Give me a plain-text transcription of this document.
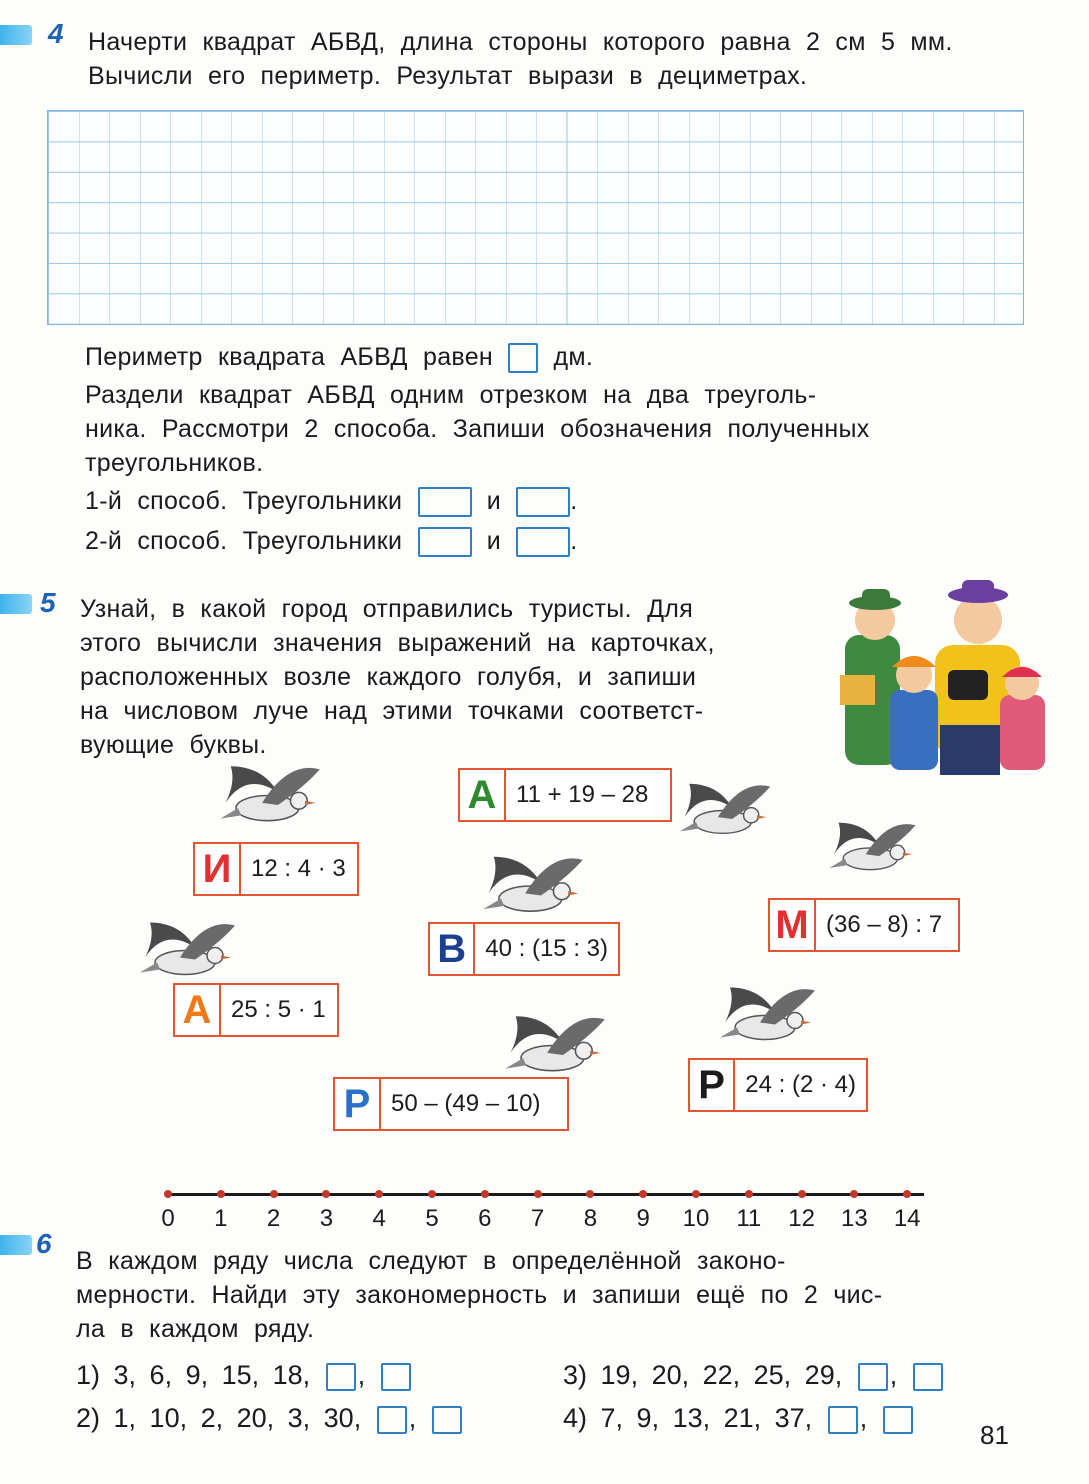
4 Начерти квадрат АБВД, длина стороны которого равна 2 см 5 мм.
Вычисли его периметр. Результат вырази в дециметрах.
Периметр квадрата АБВД равен дм.
Раздели квадрат АБВД одним отрезком на два треуголь-
ника. Рассмотри 2 способа. Запиши обозначения полученных
треугольников.
1-й способ. Треугольники	и	.
2-й способ. Треугольники	и	.
5 Узнай, в какой город отправились туристы. Для
этого вычисли значения выражений на карточках,
расположенных возле каждого голубя, и запиши
на числовом луче над этими точками соответст-
вующие буквы.
А 11 + 19 – 28
И 12 : 4 · 3
В 40 : (15 : 3)
М (36 – 8) : 7
А 25 : 5 · 1
Р 50 – (49 – 10)	Р 24 : (2 · 4)
0	1	2	3	4	5	6	7	8	9	10	11	12 13 14
6
В каждом ряду числа следуют в определённой законо-
мерности. Найди эту закономерность и запиши ещё по 2 чис-
ла в каждом ряду.
1) 3, 6, 9, 15, 18, ,
2) 1, 10, 2, 20, 3, 30, ,
3) 19, 20, 22, 25, 29, ,
4) 7, 9, 13, 21, 37, ,
81
